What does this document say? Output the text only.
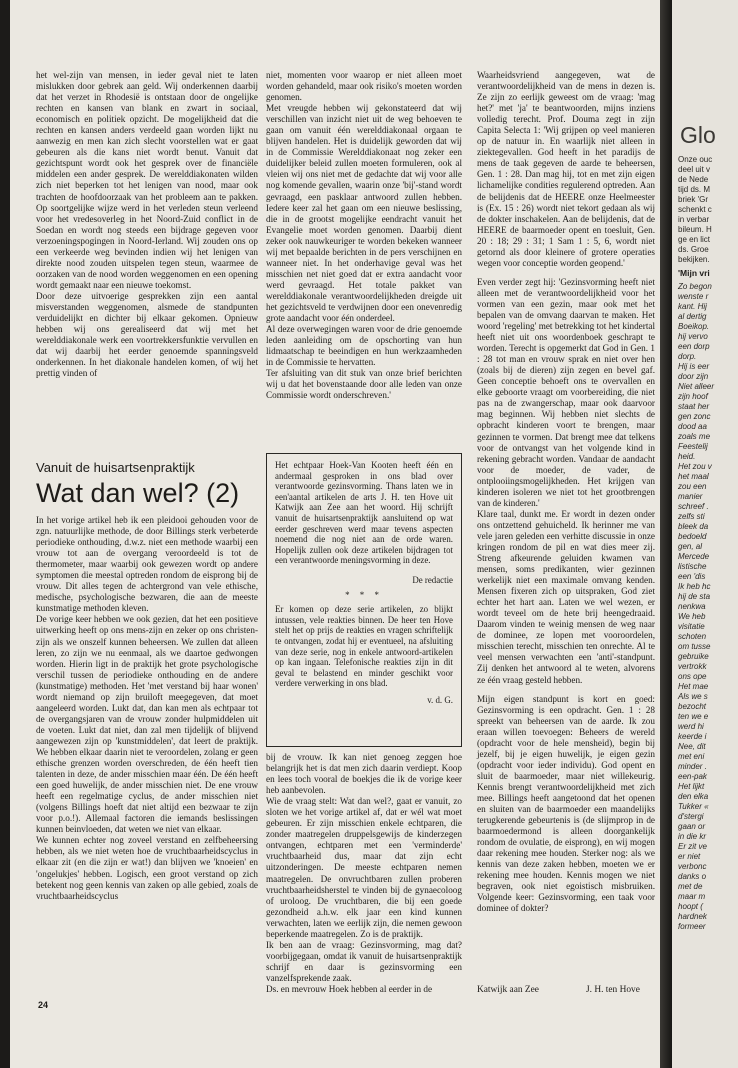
het wel-zijn van mensen, in ieder geval niet te laten mislukken door gebrek aan geld. Wij onderkennen daarbij dat het verzet in Rhodesië is ontstaan door de ongelijke rechten en kansen van blank en zwart in sociaal, economisch en politiek opzicht. De mogelijkheid dat die rechten en kansen anders verdeeld gaan worden lijkt nu aanwezig en men kan zich slecht voorstellen wat er gaat gebeuren als die kans niet wordt benut. Vanuit dat gezichtspunt wordt ook het gesprek over de financiële middelen een ander gesprek. De werelddiakonaten wilden zich niet beperken tot het lenigen van nood, maar ook trachten de hoofdoorzaak van het probleem aan te pakken. Op soortgelijke wijze werd in het verleden steun verleend voor het vredesoverleg in het Noord-Zuid conflict in de Soedan en wordt nog steeds een bijdrage gegeven voor verzoeningspogingen in Noord-Ierland. Wij zouden ons op een verkeerde weg bevinden indien wij het lenigen van direkte nood zouden uitspelen tegen steun, waarmee de oorzaken van de nood worden weggenomen en een opening wordt gemaakt naar een nieuwe toekomst.

Door deze uitvoerige gesprekken zijn een aantal misverstanden weggenomen, alsmede de standpunten verduidelijkt en dichter bij elkaar gekomen. Opnieuw hebben wij ons gerealiseerd dat wij met het werelddiakonale werk een voortrekkersfunktie vervullen en dat wij daarbij het eerder genoemde spanningsveld onderkennen. In het diakonale handelen komen, of wij het prettig vinden of

niet, momenten voor waarop er niet alleen moet worden gehandeld, maar ook risiko's moeten worden genomen.

Met vreugde hebben wij gekonstateerd dat wij verschillen van inzicht niet uit de weg behoeven te gaan om vanuit één werelddiakonaal orgaan te blijven handelen. Het is duidelijk geworden dat wij in de Commissie Werelddiakonaat nog zeker een duidelijker beleid zullen moeten formuleren, ook al vleien wij ons niet met de gedachte dat wij voor alle nog komende gevallen, waarin onze 'bij'-stand wordt gevraagd, een pasklaar antwoord zullen hebben. Iedere keer zal het gaan om een nieuwe beslissing, die in de grootst mogelijke eendracht vanuit het Evangelie moet worden genomen. Daarbij dient zeker ook nauwkeuriger te worden bekeken wanneer wij met bepaalde berichten in de pers verschijnen en wanneer niet. In het onderhavige geval was het misschien net niet goed dat er extra aandacht voor werd gevraagd. Het totale pakket van werelddiakonale verantwoordelijkheden dreigde uit het gezichtsveld te verdwijnen door een onevenredig grote aandacht voor één onderdeel.

Al deze overwegingen waren voor de drie genoemde leden aanleiding om de opschorting van hun lidmaatschap te beeindigen en hun werkzaamheden in de Commissie te hervatten.

Ter afsluiting van dit stuk van onze brief berichten wij u dat het bovenstaande door alle leden van onze Commissie wordt onderschreven.'

Vanuit de huisartsenpraktijk
Wat dan wel? (2)

In het vorige artikel heb ik een pleidooi gehouden voor de zgn. natuurlijke methode, de door Billings sterk verbeterde periodieke onthouding, d.w.z. niet een methode waarbij een vrouw tot aan de overgang veroordeeld is tot de thermometer, maar waarbij ook gewezen wordt op andere symptomen die meestal optreden rondom de eisprong bij de vrouw. Dit alles tegen de achtergrond van vele ethische, medische, psychologische bezwaren, die aan de meeste kunstmatige methoden kleven.

De vorige keer hebben we ook gezien, dat het een positieve uitwerking heeft op ons mens-zijn en zeker op ons christen-zijn als we onszelf kunnen beheersen. We zullen dat alleen leren, zo zijn we nu eenmaal, als we daartoe gedwongen worden. Hierin ligt in de praktijk het grote psychologische verschil tussen de periodieke onthouding en de andere (kunstmatige) methoden. Het 'met verstand bij haar wonen' wordt niemand op zijn bruiloft meegegeven, dat moet aangeleerd worden. Lukt dat, dan kan men als echtpaar tot de overgangsjaren van de vrouw zonder hulpmiddelen uit de voeten. Lukt dat niet, dan zal men tijdelijk of blijvend aangewezen zijn op 'kunstmiddelen', dat leert de praktijk. We hebben elkaar daarin niet te veroordelen, zolang er geen ethische grenzen worden overschreden, de één heeft tien talenten in deze, de ander misschien maar één. De één heeft een goed huwelijk, de ander misschien niet. De ene vrouw heeft een regelmatige cyclus, de ander misschien niet (volgens Billings hoeft dat niet altijd een bezwaar te zijn voor p.o.!). Allemaal factoren die iemands beslissingen kunnen beinvloeden, dat weten we niet van elkaar.

We kunnen echter nog zoveel verstand en zelfbeheersing hebben, als we niet weten hoe de vruchtbaarheidscyclus in elkaar zit (en die zijn er wat!) dan blijven we 'knoeien' en 'ongelukjes' hebben. Logisch, een groot verstand op zich betekent nog geen kennis van zaken op alle gebied, zoals de vruchtbaarheidscyclus

Het echtpaar Hoek-Van Kooten heeft één en andermaal gesproken in ons blad over verantwoorde gezinsvorming. Thans laten we in een'aantal artikelen de arts J. H. ten Hove uit Katwijk aan Zee aan het woord. Hij schrijft vanuit de huisartsenpraktijk aansluitend op wat eerder geschreven werd maar tevens aspecten noemend die nog niet aan de orde waren. Hopelijk zullen ook deze artikelen bijdragen tot een verantwoorde meningsvorming in deze.

De redactie

* * *

Er komen op deze serie artikelen, zo blijkt intussen, vele reakties binnen. De heer ten Hove stelt het op prijs de reakties en vragen schriftelijk te ontvangen, zodat hij er eventueel, na afsluiting van deze serie, nog in enkele antwoord-artikelen op kan ingaan. Telefonische reakties zijn in dit geval te belastend en minder geschikt voor verdere verwerking in ons blad.

v. d. G.

bij de vrouw. Ik kan niet genoeg zeggen hoe belangrijk het is dat men zich daarin verdiept. Koop en lees toch vooral de boekjes die ik de vorige keer heb aanbevolen.

Wie de vraag stelt: Wat dan wel?, gaat er vanuit, zo sloten we het vorige artikel af, dat er wél wat moet gebeuren. Er zijn misschien enkele echtparen, die zonder maatregelen druppelsgewijs de kinderzegen ontvangen, echtparen met een 'verminderde' vruchtbaarheid dus, maar dat zijn echt uitzonderingen. De meeste echtparen nemen maatregelen. De onvruchtbaren zullen proberen vruchtbaarheidsherstel te vinden bij de gynaecoloog of uroloog. De vruchtbaren, die bij een goede gezondheid a.h.w. elk jaar een kind kunnen verwachten, laten we eerlijk zijn, die nemen gewoon beperkende maatregelen. Zo is de praktijk.

Ik ben aan de vraag: Gezinsvorming, mag dat? voorbijgegaan, omdat ik vanuit de huisartsenpraktijk schrijf en daar is gezinsvorming een vanzelfsprekende zaak.

Ds. en mevrouw Hoek hebben al eerder in de

Waarheidsvriend aangegeven, wat de verantwoordelijkheid van de mens in dezen is. Ze zijn zo eerlijk geweest om de vraag: 'mag het?' met 'ja' te beantwoorden, mijns inziens volledig terecht. Prof. Douma zegt in zijn Capita Selecta 1: 'Wij grijpen op veel manieren op de natuur in. En waarlijk niet alleen in ziektegevallen. God heeft in het paradijs de mens de taak gegeven de aarde te beheersen, Gen. 1 : 28. Dan mag hij, tot en met zijn eigen lichamelijke condities regulerend optreden. Aan de belijdenis dat de HEERE onze Heelmeester is (Ex. 15 : 26) wordt niet tekort gedaan als wij de dokter inschakelen. Aan de belijdenis, dat de HEERE de baarmoeder opent en toesluit, Gen. 20 : 18; 29 : 31; 1 Sam 1 : 5, 6, wordt niet getornd als door kleinere of grotere operaties wegen voor conceptie worden geopend.'

Even verder zegt hij: 'Gezinsvorming heeft niet alleen met de verantwoordelijkheid voor het vormen van een gezin, maar ook met het bepalen van de omvang daarvan te maken. Het woord 'regeling' met betrekking tot het kindertal heeft niet uit ons woordenboek geschrapt te worden. Terecht is opgemerkt dat God in Gen. 1 : 28 tot man en vrouw sprak en niet over hen (zoals bij de dieren) zijn zegen en bevel gaf. Geen conceptie behoeft ons te overvallen en elke geboorte vraagt om voorbereiding, die niet pas na de zwangerschap, maar ook daarvoor mag beginnen. Wij hebben niet slechts de opbracht kinderen voort te brengen, maar gezinnen te vormen. Dat brengt mee dat telkens voor de ontvangst van het volgende kind in rekening gebracht worden. Vandaar de aandacht voor de moeder, de vader, de ontplooiingsmogelijkheden. Het krijgen van kinderen isoleren we niet tot het grootbrengen van de kinderen.'

Klare taal, dunkt me. Er wordt in dezen onder ons ontzettend gehuicheld. Ik herinner me van vele jaren geleden een verhitte discussie in onze kringen rondom de pil en wat dies meer zij. Streng afkeurende geluiden kwamen van mensen, soms predikanten, wier gezinnen werkelijk niet een maximale omvang kenden. Mensen fixeren zich op uitspraken, God ziet echter het hart aan. Laten we wel wezen, er wordt teveel om de hete brij heengedraaid. Daarom vinden te weinig mensen de weg naar de dominee, ze lopen met vooroordelen, misschien terecht, misschien ten onrechte. Al te veel mensen verwachten een 'anti'-standpunt. Zij denken het antwoord al te weten, alvorens ze één vraag gesteld hebben.

Mijn eigen standpunt is kort en goed: Gezinsvorming is een opdracht. Gen. 1 : 28 spreekt van beheersen van de aarde. Ik zou eraan willen toevoegen: Beheers de wereld (opdracht voor de hele mensheid), begin bij jezelf, bij je eigen huwelijk, je eigen gezin (opdracht voor ieder individu). God opent en sluit de baarmoeder, maar niet willekeurig. Kennis brengt verantwoordelijkheid met zich mee. Billings heeft aangetoond dat het openen en sluiten van de baarmoeder een maandelijks terugkerende gebeurtenis is (de slijmprop in de baarmoedermond is alleen doorgankelijk rondom de ovulatie, de eisprong), en wij mogen daar rekening mee houden. Sterker nog: als we kennis van deze zaken hebben, moeten we er rekening mee houden. Kennis mogen we niet begraven, ook niet egoistisch misbruiken. Volgende keer: Gezinsvorming, een taak voor dominee of dokter?

Katwijk aan Zee	J. H. ten Hove
24
Glo
Onze ouc
deel uit v
de Nede
tijd ds. M
briek 'Gr
schenkt c
in verbar
bileum. H
ge en lict
ds. Groe
bekijken.
'Mijn vri
Zo begon
wenste r
kant. Hij
al dertig
Boeikop.
hij vervo
een dorp
dorp.
Hij is eer
door zijn
Niet alleer
zijn hoof
staat her
gen zonc
dood aa
zoals me
Feestelij
heid.
Het zou v
het maal
zou een
manier
schreef .
zelfs sti
bleek da
bedoeld
gen, al
Mercede
listische
een 'dis
Ik heb hc
hij de sta
nenkwa
We heb
visitatie
schoten
om tusse
gebruike
vertrokk
ons ope
Het mae
Als we s
bezocht
ten we e
werd hi
keerde i
Nee, dit
met eni
minder .
een-pak
Het lijkt
den elka
Tukker «
d'stergi
gaan or
in die kr
Er zit ve
er niet
verbonc
danks o
met de
maar m
hoopt (
hardnek
formeer
